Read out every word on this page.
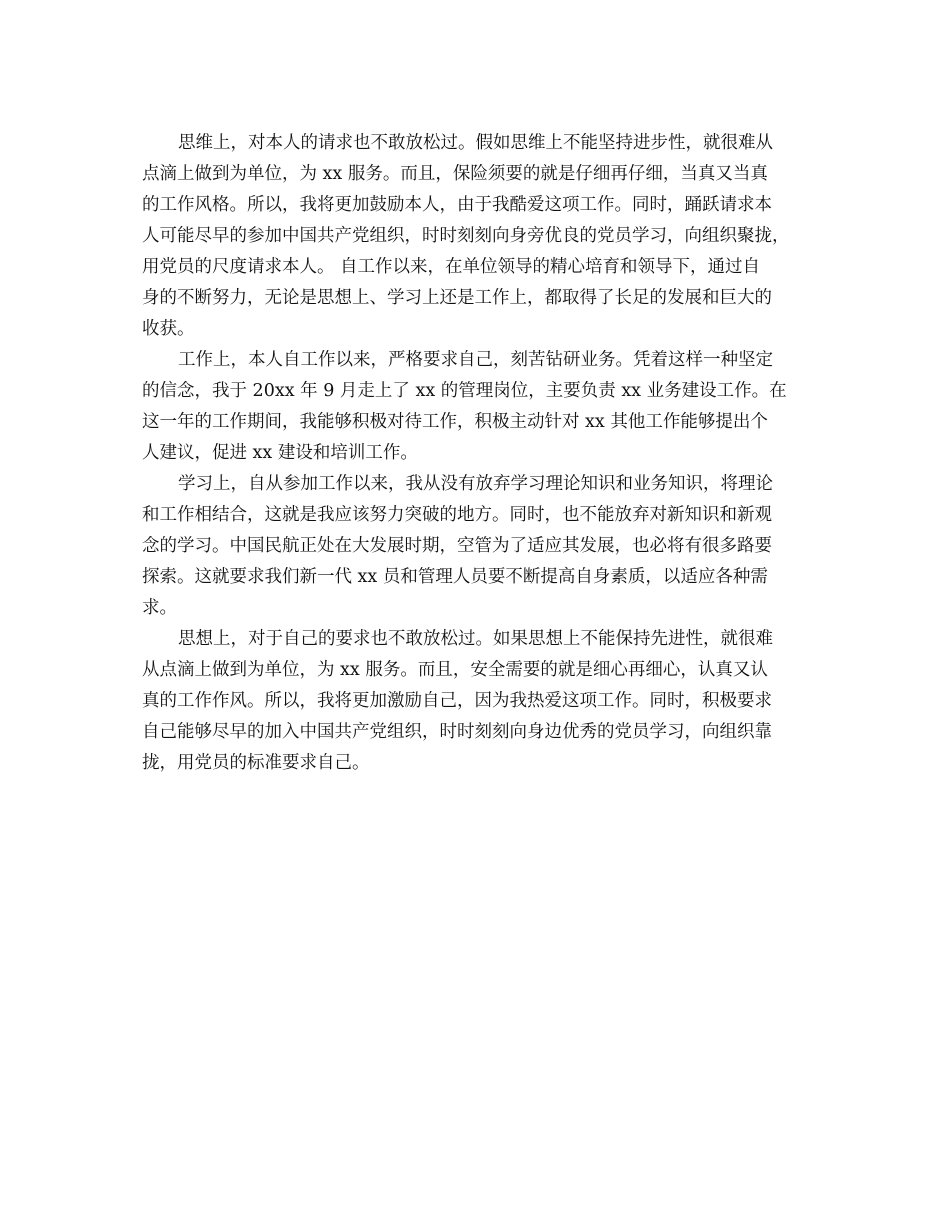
思维上，对本人的请求也不敢放松过。假如思维上不能坚持进步性，就很难从
点滴上做到为单位，为 xx 服务。而且，保险须要的就是仔细再仔细，当真又当真
的工作风格。所以，我将更加鼓励本人，由于我酷爱这项工作。同时，踊跃请求本
人可能尽早的参加中国共产党组织，时时刻刻向身旁优良的党员学习，向组织聚拢，
用党员的尺度请求本人。 自工作以来，在单位领导的精心培育和领导下，通过自
身的不断努力，无论是思想上、学习上还是工作上，都取得了长足的发展和巨大的
收获。
工作上，本人自工作以来，严格要求自己，刻苦钻研业务。凭着这样一种坚定
的信念，我于 20xx 年 9 月走上了 xx 的管理岗位，主要负责 xx 业务建设工作。在
这一年的工作期间，我能够积极对待工作，积极主动针对 xx 其他工作能够提出个
人建议，促进 xx 建设和培训工作。
学习上，自从参加工作以来，我从没有放弃学习理论知识和业务知识，将理论
和工作相结合，这就是我应该努力突破的地方。同时，也不能放弃对新知识和新观
念的学习。中国民航正处在大发展时期，空管为了适应其发展，也必将有很多路要
探索。这就要求我们新一代 xx 员和管理人员要不断提高自身素质，以适应各种需
求。
思想上，对于自己的要求也不敢放松过。如果思想上不能保持先进性，就很难
从点滴上做到为单位，为 xx 服务。而且，安全需要的就是细心再细心，认真又认
真的工作作风。所以，我将更加激励自己，因为我热爱这项工作。同时，积极要求
自己能够尽早的加入中国共产党组织，时时刻刻向身边优秀的党员学习，向组织靠
拢，用党员的标准要求自己。
